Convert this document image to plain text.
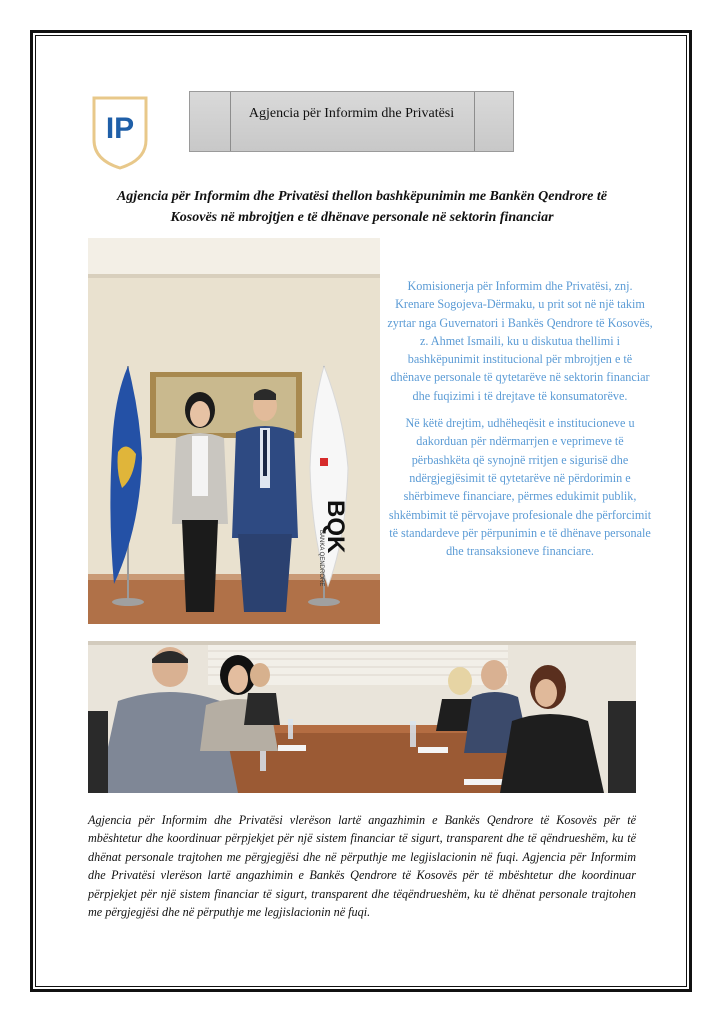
IP	Agjencia për Informim dhe Privatësi
Agjencia për Informim dhe Privatësi thellon bashkëpunimin me Bankën Qendrore të Kosovës në mbrojtjen e të dhënave personale në sektorin financiar
BQK
BANKA QENDRORE

Komisionerja për Informim dhe Privatësi, znj. Krenare Sogojeva-Dërmaku, u prit sot në një takim zyrtar nga Guvernatori i Bankës Qendrore të Kosovës, z. Ahmet Ismaili, ku u diskutua thellimi i bashkëpunimit institucional për mbrojtjen e të dhënave personale të qytetarëve në sektorin financiar dhe fuqizimi i të drejtave të konsumatorëve.

Në këtë drejtim, udhëheqësit e institucioneve u dakorduan për ndërmarrjen e veprimeve të përbashkëta që synojnë rritjen e sigurisë dhe ndërgjegjësimit të qytetarëve në përdorimin e shërbimeve financiare, përmes edukimit publik, shkëmbimit të përvojave profesionale dhe përforcimit të standardeve për përpunimin e të dhënave personale dhe transaksioneve financiare.

Agjencia për Informim dhe Privatësi vlerëson lartë angazhimin e Bankës Qendrore të Kosovës për të mbështetur dhe koordinuar përpjekjet për një sistem financiar të sigurt, transparent dhe të qëndrueshëm, ku të dhënat personale trajtohen me përgjegjësi dhe në përputhje me legjislacionin në fuqi. Agjencia për Informim dhe Privatësi vlerëson lartë angazhimin e Bankës Qendrore të Kosovës për të mbështetur dhe koordinuar përpjekjet për një sistem financiar të sigurt, transparent dhe tëqëndrueshëm, ku të dhënat personale trajtohen me përgjegjësi dhe në përputhje me legjislacionin në fuqi.
